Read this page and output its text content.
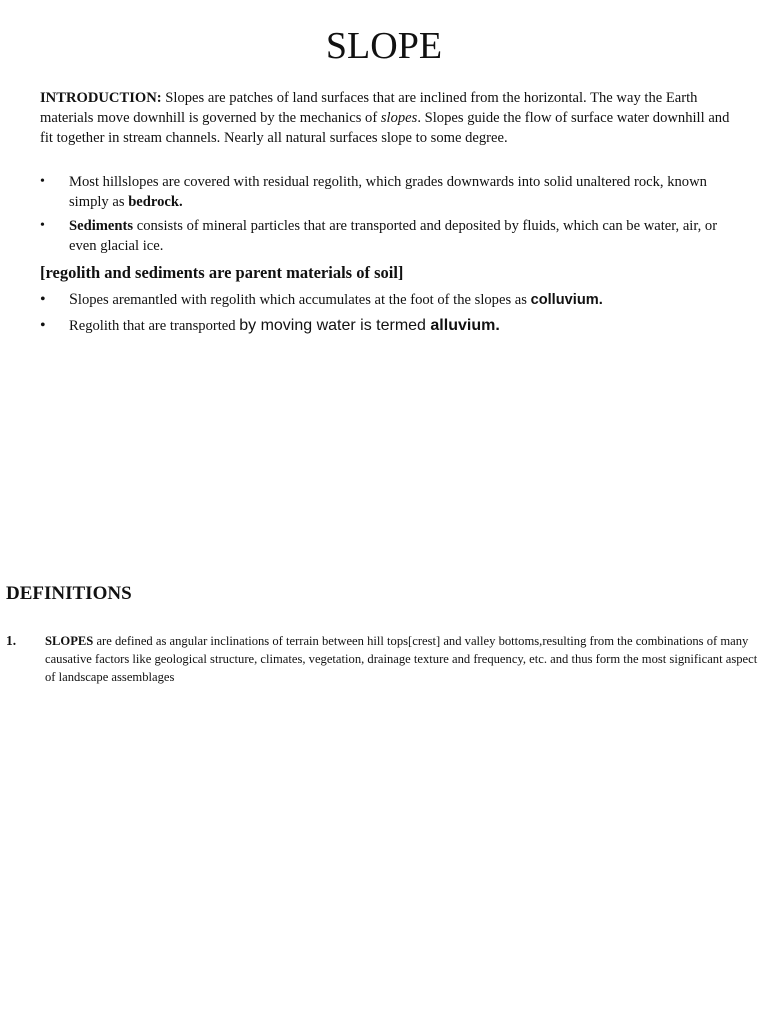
SLOPE

INTRODUCTION: Slopes are patches of land surfaces that are inclined from the horizontal. The way the Earth materials move downhill is governed by the mechanics of slopes. Slopes guide the flow of surface water downhill and fit together in stream channels. Nearly all natural surfaces slope to some degree.

• Most hillslopes are covered with residual regolith, which grades downwards into solid unaltered rock, known simply as bedrock.
• Sediments consists of mineral particles that are transported and deposited by fluids, which can be water, air, or even glacial ice.

[regolith and sediments are parent materials of soil]

• Slopes aremantled with regolith which accumulates at the foot of the slopes as colluvium.
• Regolith that are transported by moving water is termed alluvium.
DEFINITIONS
1. SLOPES are defined as angular inclinations of terrain between hill tops[crest] and valley bottoms,resulting from the combinations of many causative factors like geological structure, climates, vegetation, drainage texture and frequency, etc. and thus form the most significant aspect of landscape assemblages
